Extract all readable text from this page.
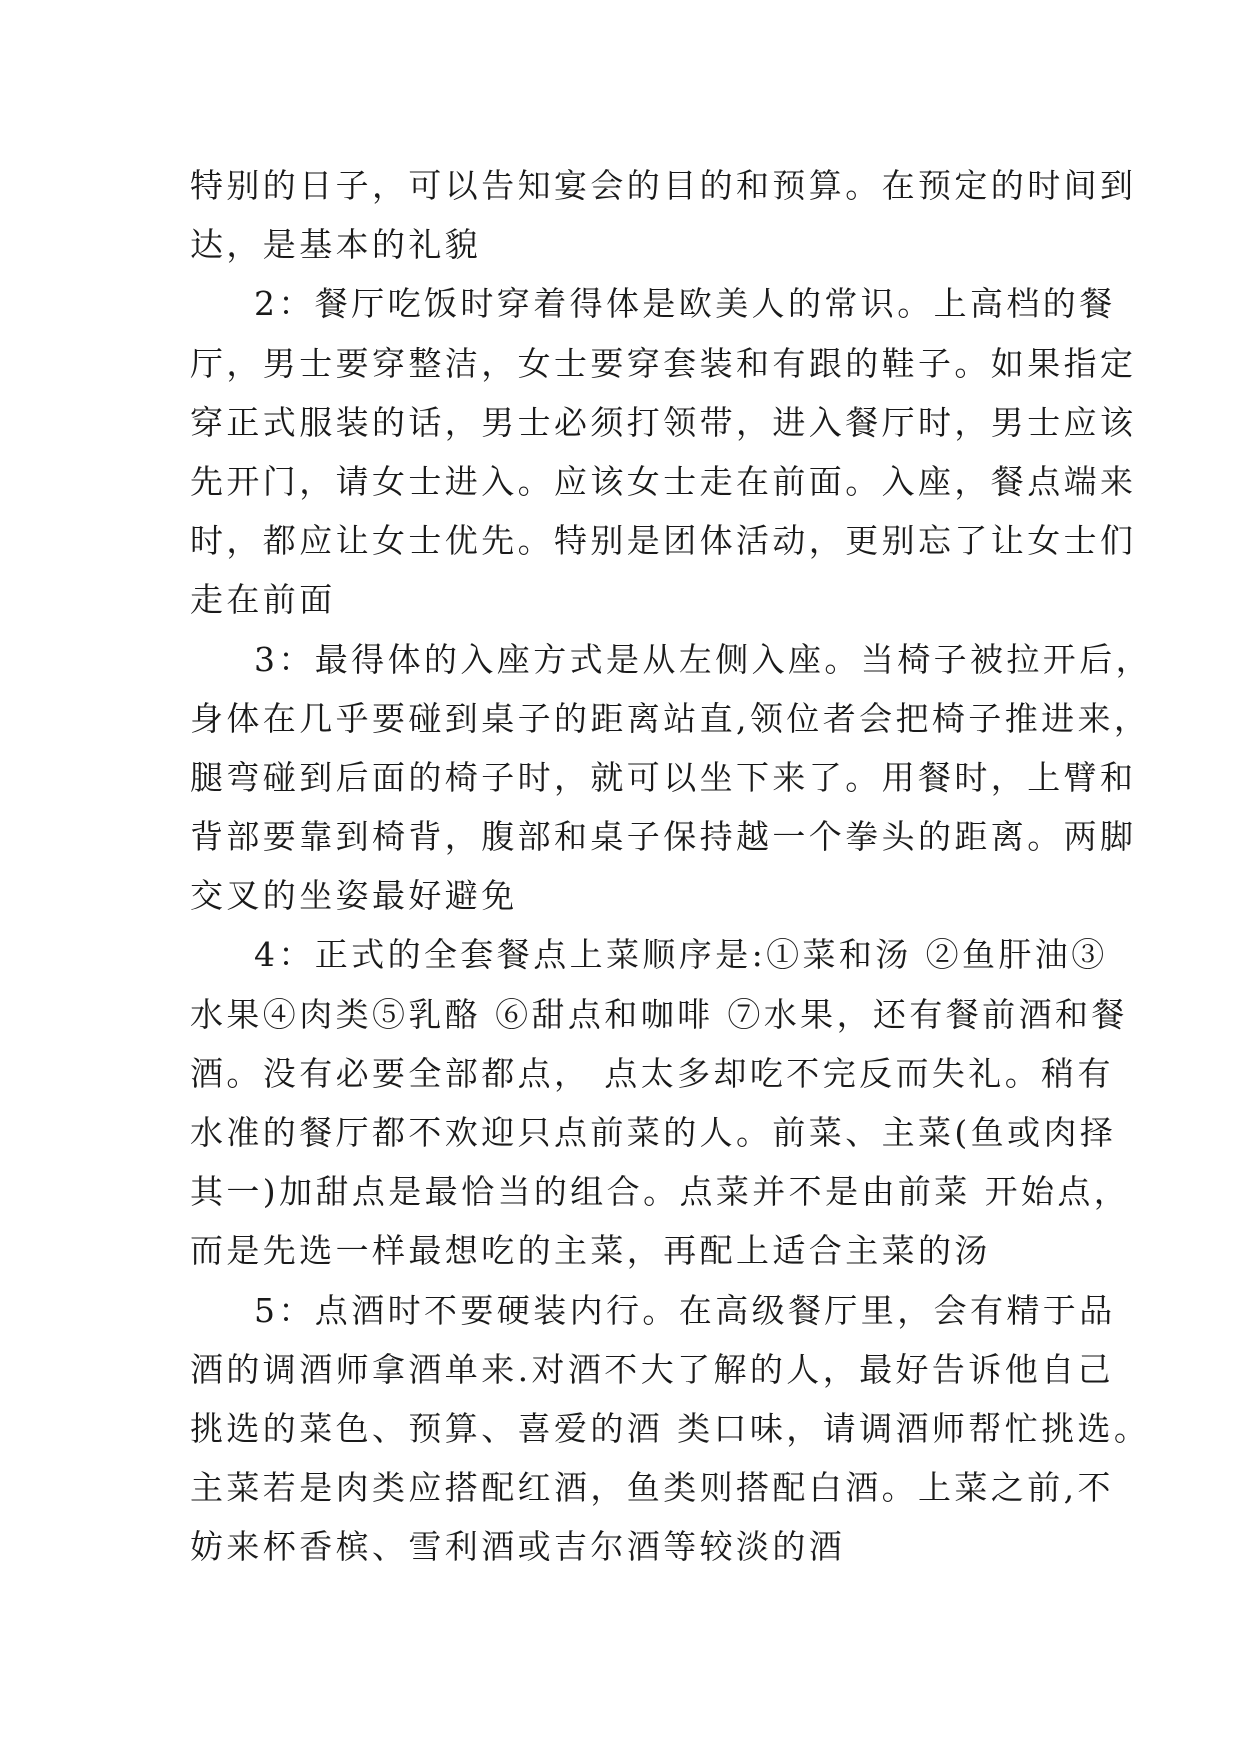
特别的日子，可以告知宴会的目的和预算。在预定的时间到
达，是基本的礼貌
2：餐厅吃饭时穿着得体是欧美人的常识。上高档的餐
厅，男士要穿整洁，女士要穿套装和有跟的鞋子。如果指定
穿正式服装的话，男士必须打领带，进入餐厅时，男士应该
先开门，请女士进入。应该女士走在前面。入座，餐点端来
时，都应让女士优先。特别是团体活动，更别忘了让女士们
走在前面
3：最得体的入座方式是从左侧入座。当椅子被拉开后，
身体在几乎要碰到桌子的距离站直,领位者会把椅子推进来，
腿弯碰到后面的椅子时，就可以坐下来了。用餐时，上臂和
背部要靠到椅背，腹部和桌子保持越一个拳头的距离。两脚
交叉的坐姿最好避免
4：正式的全套餐点上菜顺序是:①菜和汤 ②鱼肝油③
水果④肉类⑤乳酪 ⑥甜点和咖啡 ⑦水果，还有餐前酒和餐
酒。没有必要全部都点， 点太多却吃不完反而失礼。稍有
水准的餐厅都不欢迎只点前菜的人。前菜、主菜(鱼或肉择
其一)加甜点是最恰当的组合。点菜并不是由前菜 开始点，
而是先选一样最想吃的主菜，再配上适合主菜的汤
5：点酒时不要硬装内行。在高级餐厅里，会有精于品
酒的调酒师拿酒单来.对酒不大了解的人，最好告诉他自己
挑选的菜色、预算、喜爱的酒 类口味，请调酒师帮忙挑选。
主菜若是肉类应搭配红酒，鱼类则搭配白酒。上菜之前,不
妨来杯香槟、雪利酒或吉尔酒等较淡的酒
